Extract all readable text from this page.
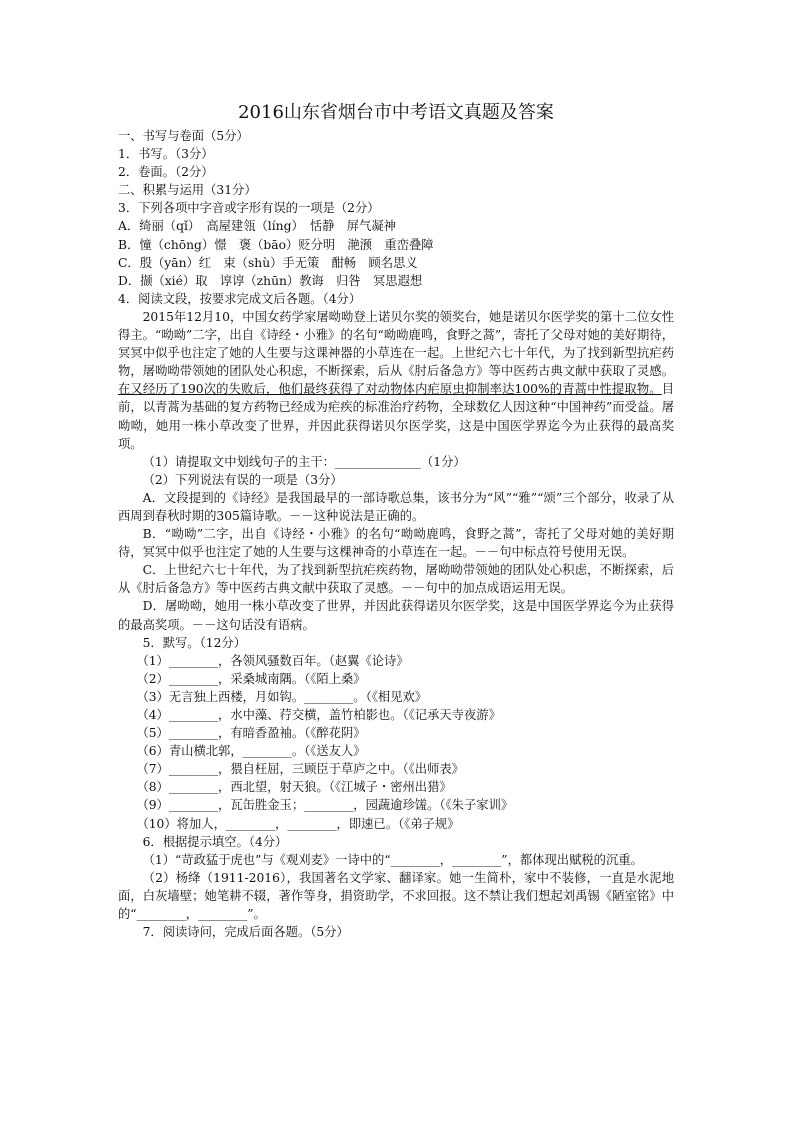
2016山东省烟台市中考语文真题及答案
一、书写与卷面（5分）
1．书写。（3分）
2．卷面。（2分）
二、积累与运用（31分）
3．下列各项中字音或字形有误的一项是（2分）
A．绮丽（qǐ）　高屋建瓴（líng）　恬静　屏气凝神
B．憧（chōng）憬　褒（bāo）贬分明　滟滪　重峦叠障
C．殷（yān）红　束（shù）手无策　酣畅　顾名思义
D．撷（xié）取　谆谆（zhūn）教诲　归咎　冥思遐想
4．阅读文段，按要求完成文后各题。（4分）

2015年12月10，中国女药学家屠呦呦登上诺贝尔奖的领奖台，她是诺贝尔医学奖的第十二位女性得主。“呦呦”二字，出自《诗经・小雅》的名句“呦呦鹿鸣，食野之蒿”，寄托了父母对她的美好期待，冥冥中似乎也注定了她的人生要与这课神器的小草连在一起。上世纪六七十年代，为了找到新型抗疟药物，屠呦呦带领她的团队处心积虑，不断探索，后从《肘后备急方》等中医药古典文献中获取了灵感。在又经历了190次的失败后，他们最终获得了对动物体内疟原虫抑制率达100%的青蒿中性提取物。目前，以青蒿为基础的复方药物已经成为疟疾的标准治疗药物，全球数亿人因这种“中国神药”而受益。屠呦呦，她用一株小草改变了世界，并因此获得诺贝尔医学奖，这是中国医学界迄今为止获得的最高奖项。

（1）请提取文中划线句子的主干：______________（1分）
（2）下列说法有误的一项是（3分）

A．文段提到的《诗经》是我国最早的一部诗歌总集，该书分为“风”“雅”“颂”三个部分，收录了从西周到春秋时期的305篇诗歌。－－这种说法是正确的。

B．“呦呦”二字，出自《诗经・小雅》的名句“呦呦鹿鸣，食野之蒿”，寄托了父母对她的美好期待，冥冥中似乎也注定了她的人生要与这棵神奇的小草连在一起。－－句中标点符号使用无误。

C．上世纪六七十年代，为了找到新型抗疟疾药物，屠呦呦带领她的团队处心积虑，不断探索，后从《肘后备急方》等中医药古典文献中获取了灵感。－－句中的加点成语运用无误。

D．屠呦呦，她用一株小草改变了世界，并因此获得诺贝尔医学奖，这是中国医学界迄今为止获得的最高奖项。－－这句话没有语病。

5．默写。（12分）
（1）________，各领风骚数百年。（赵翼《论诗》
（2）________，采桑城南隅。（《陌上桑》
（3）无言独上西楼，月如钩。________。（《相见欢》
（4）________，水中藻、荇交横，盖竹柏影也。（《记承天寺夜游》
（5）________，有暗香盈袖。（《醉花阴》
（6）青山横北郭，________。（《送友人》
（7）________，猥自枉屈，三顾臣于草庐之中。（《出师表》
（8）________，西北望，射天狼。（《江城子・密州出猎》
（9）________，瓦缶胜金玉；________，园蔬逾珍馐。（《朱子家训》
（10）将加人，________，________，即速已。（《弟子规》
6．根据提示填空。（4分）

（1）“苛政猛于虎也”与《观刈麦》一诗中的“________，________”，都体现出赋税的沉重。

（2）杨绛（1911-2016），我国著名文学家、翻译家。她一生简朴，家中不装修，一直是水泥地面，白灰墙壁；她笔耕不辍，著作等身，捐资助学，不求回报。这不禁让我们想起刘禹锡《陋室铭》中的“________，________”。

7．阅读诗问，完成后面各题。（5分）
